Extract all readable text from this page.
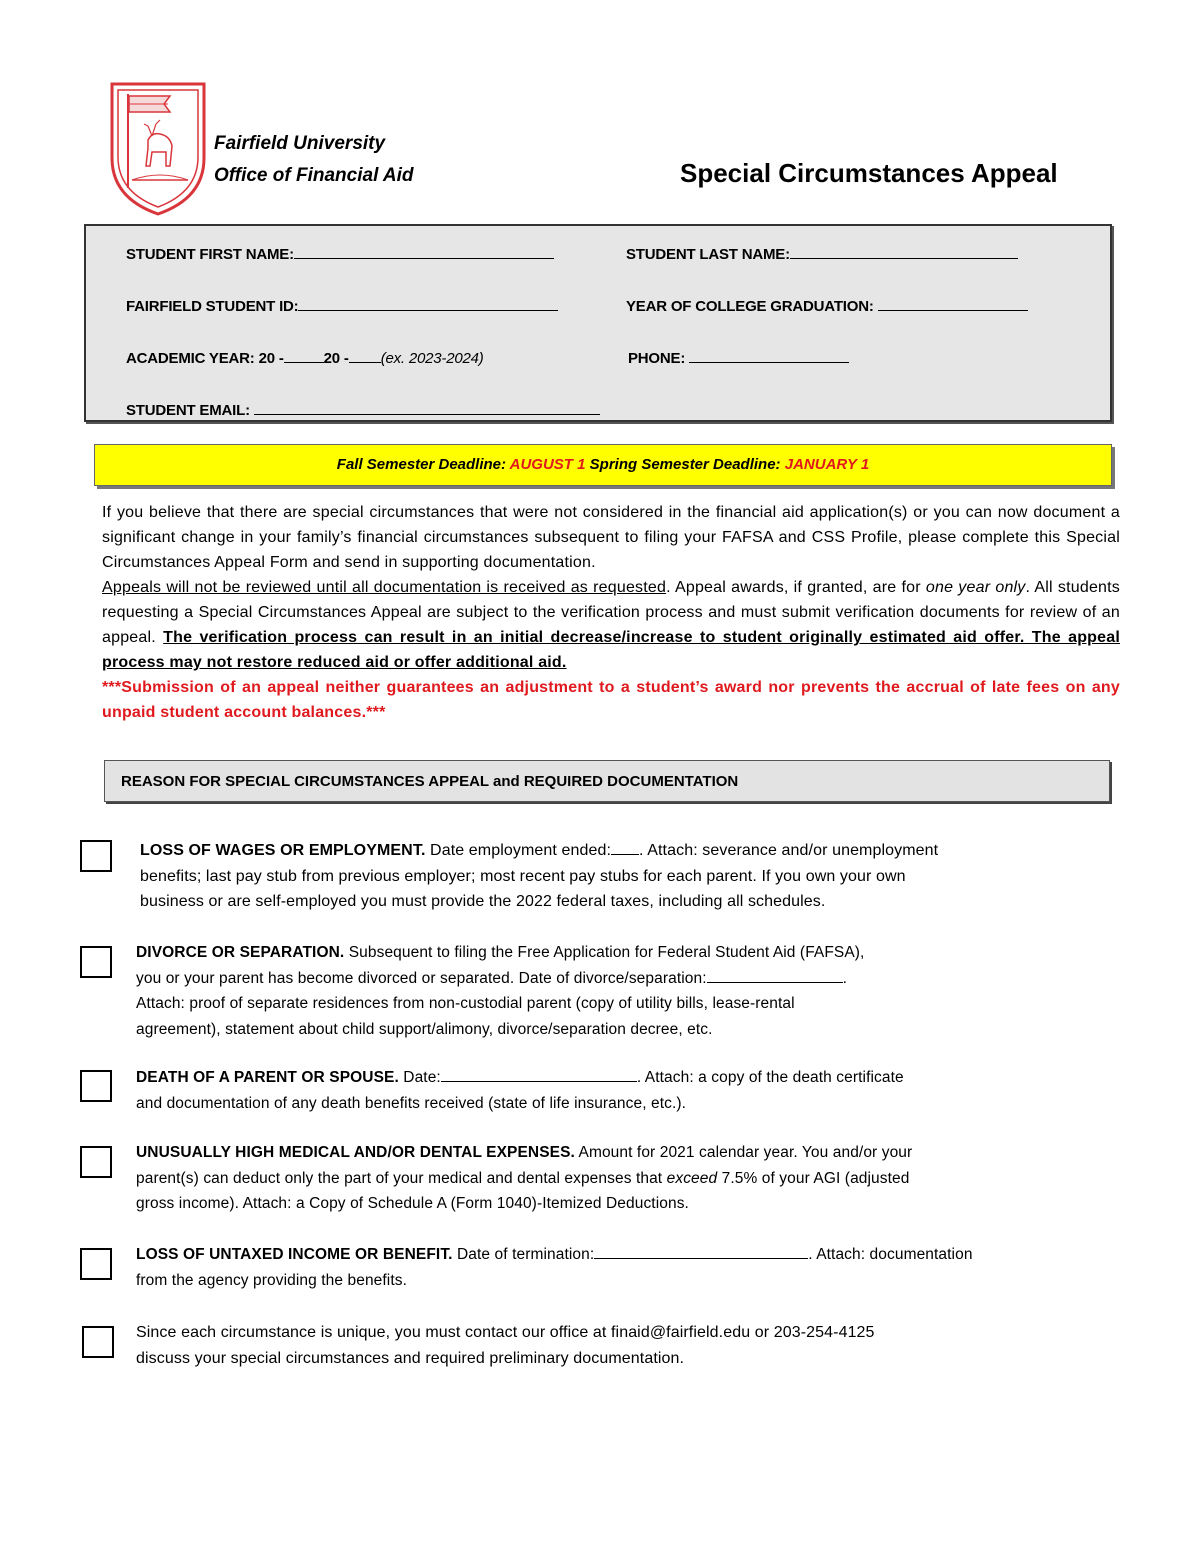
Fairfield University
Office of Financial Aid	Special Circumstances Appeal
STUDENT FIRST NAME:	STUDENT LAST NAME:
FAIRFIELD STUDENT ID:	YEAR OF COLLEGE GRADUATION:
ACADEMIC YEAR: 20 -	20 - (ex. 2023-2024)	PHONE:
STUDENT EMAIL:
Fall Semester Deadline: AUGUST 1 Spring Semester Deadline: JANUARY 1
If you believe that there are special circumstances that were not considered in the financial aid application(s) or you can now document a significant change in your family’s financial circumstances subsequent to filing your FAFSA and CSS Profile, please complete this Special Circumstances Appeal Form and send in supporting documentation.
Appeals will not be reviewed until all documentation is received as requested. Appeal awards, if granted, are for one year only. All students requesting a Special Circumstances Appeal are subject to the verification process and must submit verification documents for review of an appeal. The verification process can result in an initial decrease/increase to student originally estimated aid offer. The appeal process may not restore reduced aid or offer additional aid.
***Submission of an appeal neither guarantees an adjustment to a student’s award nor prevents the accrual of late fees on any unpaid student account balances.***
REASON FOR SPECIAL CIRCUMSTANCES APPEAL and REQUIRED DOCUMENTATION
LOSS OF WAGES OR EMPLOYMENT. Date employment ended: . Attach: severance and/or unemployment
benefits; last pay stub from previous employer; most recent pay stubs for each parent. If you own your own
business or are self-employed you must provide the 2022 federal taxes, including all schedules.
DIVORCE OR SEPARATION. Subsequent to filing the Free Application for Federal Student Aid (FAFSA),
you or your parent has become divorced or separated. Date of divorce/separation:	.
Attach: proof of separate residences from non-custodial parent (copy of utility bills, lease-rental
agreement), statement about child support/alimony, divorce/separation decree, etc.
DEATH OF A PARENT OR SPOUSE. Date:	. Attach: a copy of the death certificate
and documentation of any death benefits received (state of life insurance, etc.).
UNUSUALLY HIGH MEDICAL AND/OR DENTAL EXPENSES. Amount for 2021 calendar year. You and/or your
parent(s) can deduct only the part of your medical and dental expenses that exceed 7.5% of your AGI (adjusted
gross income). Attach: a Copy of Schedule A (Form 1040)-Itemized Deductions.
LOSS OF UNTAXED INCOME OR BENEFIT. Date of termination:	. Attach: documentation
from the agency providing the benefits.
Since each circumstance is unique, you must contact our office at finaid@fairfield.edu or 203-254-4125
discuss your special circumstances and required preliminary documentation.
